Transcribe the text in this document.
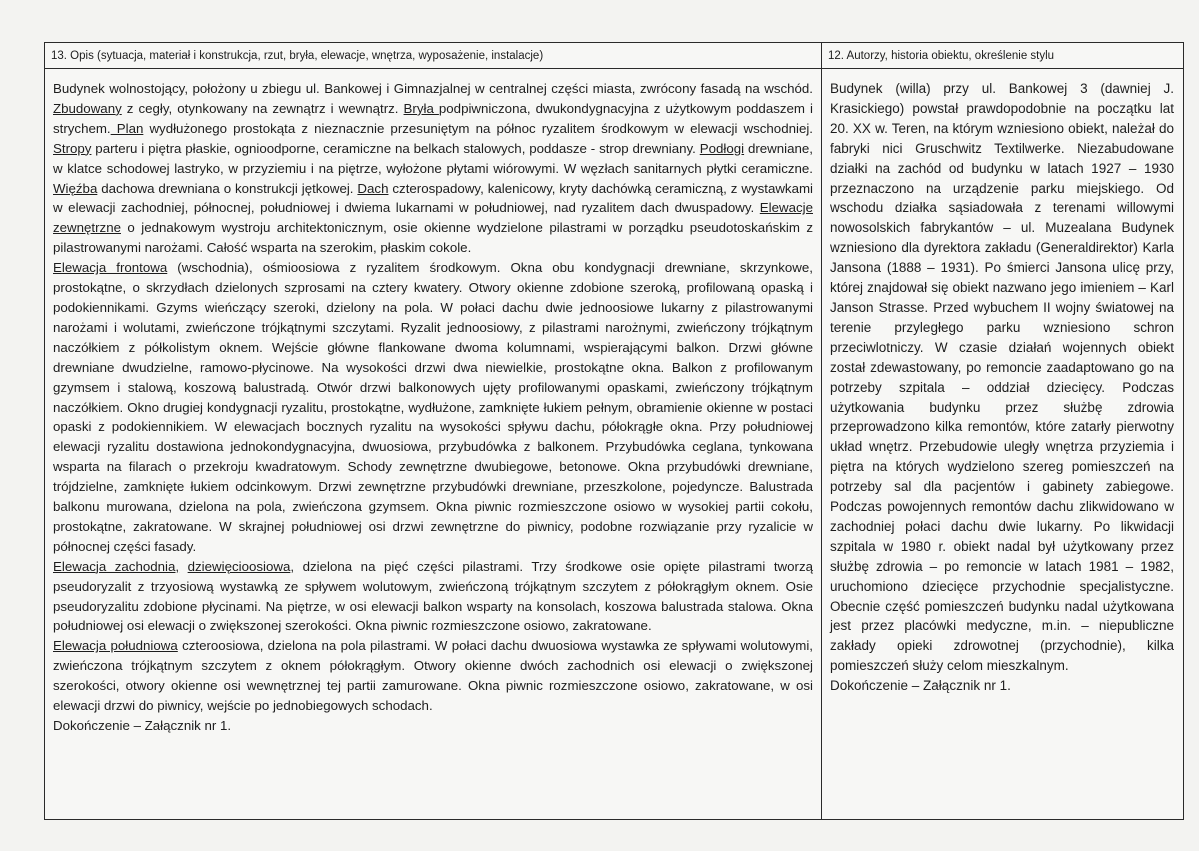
13. Opis (sytuacja, materiał i konstrukcja, rzut, bryła, elewacje, wnętrza, wyposażenie, instalacje)

Budynek wolnostojący, położony u zbiegu ul. Bankowej i Gimnazjalnej w centralnej części miasta, zwrócony fasadą na wschód. Zbudowany z cegły, otynkowany na zewnątrz i wewnątrz. Bryła podpiwniczona, dwukondygnacyjna z użytkowym poddaszem i strychem. Plan wydłużonego prostokąta z nieznacznie przesuniętym na północ ryzalitem środkowym w elewacji wschodniej. Stropy parteru i piętra płaskie, ognioodporne, ceramiczne na belkach stalowych, poddasze - strop drewniany. Podłogi drewniane, w klatce schodowej lastryko, w przyziemiu i na piętrze, wyłożone płytami wiórowymi. W węzłach sanitarnych płytki ceramiczne. Więźba dachowa drewniana o konstrukcji jętkowej. Dach czterospadowy, kalenicowy, kryty dachówką ceramiczną, z wystawkami w elewacji zachodniej, północnej, południowej i dwiema lukarnami w południowej, nad ryzalitem dach dwuspadowy. Elewacje zewnętrzne o jednakowym wystroju architektonicznym, osie okienne wydzielone pilastrami w porządku pseudotoskańskim z pilastrowanymi narożami. Całość wsparta na szerokim, płaskim cokole.

Elewacja frontowa (wschodnia), ośmioosiowa z ryzalitem środkowym. Okna obu kondygnacji drewniane, skrzynkowe, prostokątne, o skrzydłach dzielonych szprosami na cztery kwatery. Otwory okienne zdobione szeroką, profilowaną opaską i podokiennikami. Gzyms wieńczący szeroki, dzielony na pola. W połaci dachu dwie jednoosiowe lukarny z pilastrowanymi narożami i wolutami, zwieńczone trójkątnymi szczytami. Ryzalit jednoosiowy, z pilastrami narożnymi, zwieńczony trójkątnym naczółkiem z półkolistym oknem. Wejście główne flankowane dwoma kolumnami, wspierającymi balkon. Drzwi główne drewniane dwudzielne, ramowo-płycinowe. Na wysokości drzwi dwa niewielkie, prostokątne okna. Balkon z profilowanym gzymsem i stalową, koszową balustradą. Otwór drzwi balkonowych ujęty profilowanymi opaskami, zwieńczony trójkątnym naczółkiem. Okno drugiej kondygnacji ryzalitu, prostokątne, wydłużone, zamknięte łukiem pełnym, obramienie okienne w postaci opaski z podokiennikiem. W elewacjach bocznych ryzalitu na wysokości spływu dachu, półokrągłe okna. Przy południowej elewacji ryzalitu dostawiona jednokondygnacyjna, dwuosiowa, przybudówka z balkonem. Przybudówka ceglana, tynkowana wsparta na filarach o przekroju kwadratowym. Schody zewnętrzne dwubiegowe, betonowe. Okna przybudówki drewniane, trójdzielne, zamknięte łukiem odcinkowym. Drzwi zewnętrzne przybudówki drewniane, przeszkolone, pojedyncze. Balustrada balkonu murowana, dzielona na pola, zwieńczona gzymsem. Okna piwnic rozmieszczone osiowo w wysokiej partii cokołu, prostokątne, zakratowane. W skrajnej południowej osi drzwi zewnętrzne do piwnicy, podobne rozwiązanie przy ryzalicie w północnej części fasady.

Elewacja zachodnia, dziewięcioosiowa, dzielona na pięć części pilastrami. Trzy środkowe osie opięte pilastrami tworzą pseudoryzalit z trzyosiową wystawką ze spływem wolutowym, zwieńczoną trójkątnym szczytem z półokrągłym oknem. Osie pseudoryzalitu zdobione płycinami. Na piętrze, w osi elewacji balkon wsparty na konsolach, koszowa balustrada stalowa. Okna południowej osi elewacji o zwiększonej szerokości. Okna piwnic rozmieszczone osiowo, zakratowane.

Elewacja południowa czteroosiowa, dzielona na pola pilastrami. W połaci dachu dwuosiowa wystawka ze spływami wolutowymi, zwieńczona trójkątnym szczytem z oknem półokrągłym. Otwory okienne dwóch zachodnich osi elewacji o zwiększonej szerokości, otwory okienne osi wewnętrznej tej partii zamurowane. Okna piwnic rozmieszczone osiowo, zakratowane, w osi elewacji drzwi do piwnicy, wejście po jednobiegowych schodach.

Dokończenie – Załącznik nr 1.

12. Autorzy, historia obiektu, określenie stylu

Budynek (willa) przy ul. Bankowej 3 (dawniej J. Krasickiego) powstał prawdopodobnie na początku lat 20. XX w. Teren, na którym wzniesiono obiekt, należał do fabryki nici Gruschwitz Textilwerke. Niezabudowane działki na zachód od budynku w latach 1927 – 1930 przeznaczono na urządzenie parku miejskiego. Od wschodu działka sąsiadowała z terenami willowymi nowosolskich fabrykantów – ul. Muzealana Budynek wzniesiono dla dyrektora zakładu (Generaldirektor) Karla Jansona (1888 – 1931). Po śmierci Jansona ulicę przy, której znajdował się obiekt nazwano jego imieniem – Karl Janson Strasse. Przed wybuchem II wojny światowej na terenie przyległego parku wzniesiono schron przeciwlotniczy. W czasie działań wojennych obiekt został zdewastowany, po remoncie zaadaptowano go na potrzeby szpitala – oddział dziecięcy. Podczas użytkowania budynku przez służbę zdrowia przeprowadzono kilka remontów, które zatarły pierwotny układ wnętrz. Przebudowie uległy wnętrza przyziemia i piętra na których wydzielono szereg pomieszczeń na potrzeby sal dla pacjentów i gabinety zabiegowe. Podczas powojennych remontów dachu zlikwidowano w zachodniej połaci dachu dwie lukarny. Po likwidacji szpitala w 1980 r. obiekt nadal był użytkowany przez służbę zdrowia – po remoncie w latach 1981 – 1982, uruchomiono dziecięce przychodnie specjalistyczne. Obecnie część pomieszczeń budynku nadal użytkowana jest przez placówki medyczne, m.in. – niepubliczne zakłady opieki zdrowotnej (przychodnie), kilka pomieszczeń służy celom mieszkalnym.

Dokończenie – Załącznik nr 1.
